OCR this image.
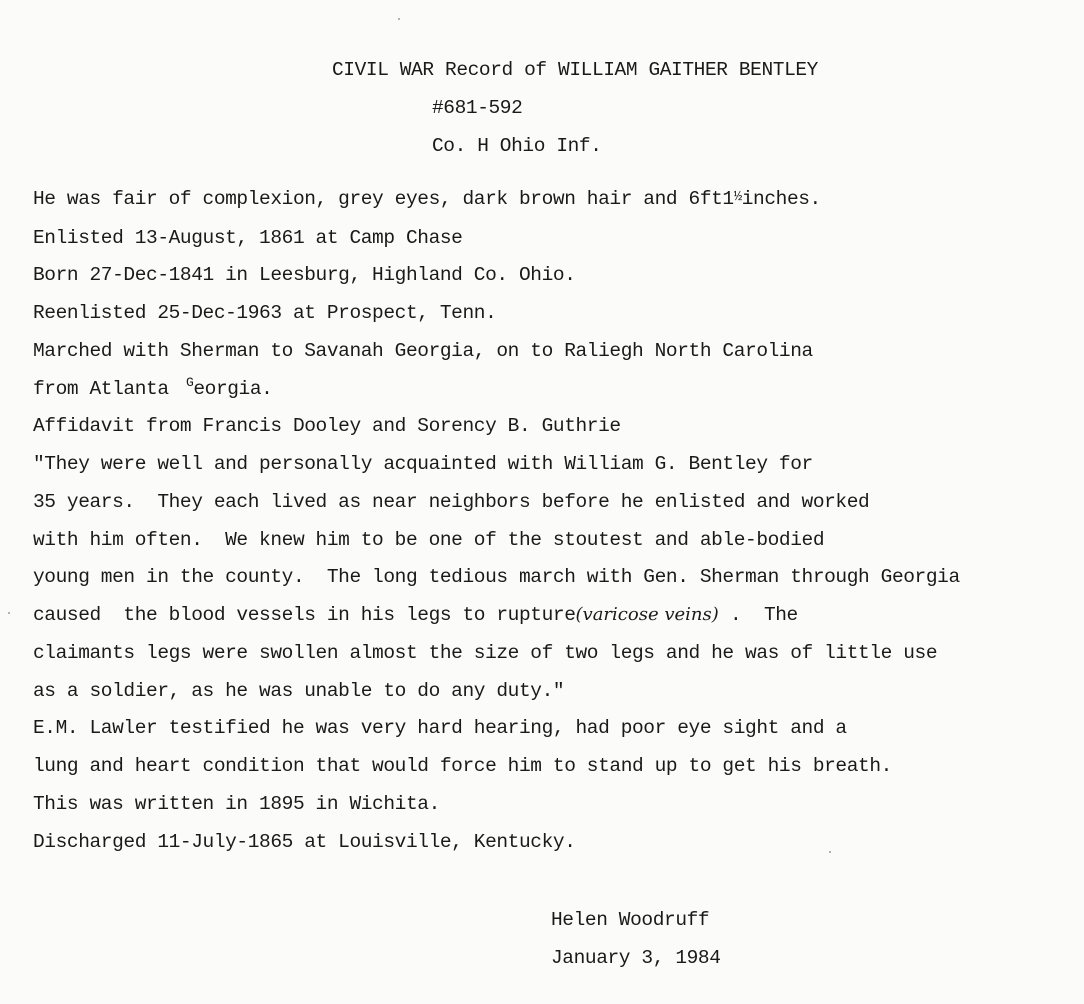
CIVIL WAR Record of WILLIAM GAITHER BENTLEY
#681-592
Co. H Ohio Inf.
He was fair of complexion, grey eyes, dark brown hair and $6ft1^{\frac{1}{2}}inches$.
Enlisted 13-August, 1861 at Camp Chase
Born 27-Dec-1841 in Leesburg, Highland Co. Ohio.
Reenlisted 25-Dec-1963 at Prospect, Tenn.
Marched with Sherman to Savanah Georgia, on to Raliegh North Carolina
from Atlanta $^G$eorgia.
Affidavit from Francis Dooley and Sorency B. Guthrie
"They were well and personally acquainted with William G. Bentley for
35 years.  They each lived as near neighbors before he enlisted and worked
with him often.  We knew him to be one of the stoutest and able-bodied
young men in the county.  The long tedious march with Gen. Sherman through Georgia
caused  the blood vessels in his legs to rupture(varicose veins) .  The
claimants legs were swollen almost the size of two legs and he was of little use
as a soldier, as he was unable to do any duty."
E.M. Lawler testified he was very hard hearing, had poor eye sight and a
lung and heart condition that would force him to stand up to get his breath.
This was written in 1895 in Wichita.
Discharged 11-July-1865 at Louisville, Kentucky.
Helen Woodruff
January 3, 1984
